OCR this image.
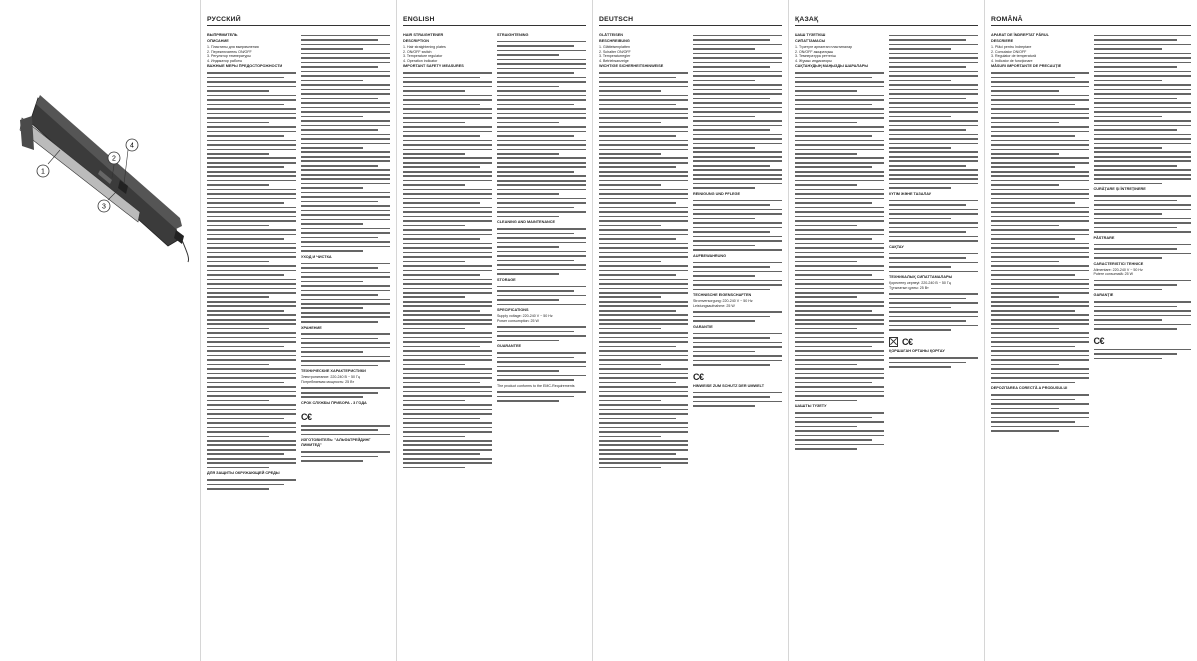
1
2
3
4
РУССКИЙ
ВЫПРЯМИТЕЛЬ
ОПИСАНИЕ
1. Пластины для выпрямления
2. Переключатель ON/OFF
3. Регулятор температуры
4. Индикатор работы
ВАЖНЫЕ МЕРЫ ПРЕДОСТОРОЖНОСТИ
ДЛЯ ЗАЩИТЫ ОКРУЖАЮЩЕЙ СРЕДЫ
УХОД И ЧИСТКА
ХРАНЕНИЕ
ТЕХНИЧЕСКИЕ ХАРАКТЕРИСТИКИ
Электропитание: 220-240 В ~ 50 Гц
Потребляемая мощность: 25 Вт
СРОК СЛУЖБЫ ПРИБОРА - 3 ГОДА
C€
ИЗГОТОВИТЕЛЬ: "АЛЬФАТРЕЙДИНГ ЛИМИТЕД"
ENGLISH
HAIR STRAIGHTENER
DESCRIPTION
1. Hair straightening plates
2. ON/OFF switch
3. Temperature regulator
4. Operation indicator
IMPORTANT SAFETY MEASURES
STRAIGHTENING
CLEANING AND MAINTENANCE
STORAGE
SPECIFICATIONS
Supply voltage: 220-240 V ~ 50 Hz
Power consumption: 25 W
GUARANTEE
The product conforms to the EMC-Requirements
DEUTSCH
GLÄTTEISEN
BESCHREIBUNG
1. Glätteisenplatten
2. Schalter ON/OFF
3. Temperaturregler
4. Betriebsanzeige
WICHTIGE SICHERHEITSHINWEISE
REINIGUNG UND PFLEGE
AUFBEWAHRUNG
TECHNISCHE EIGENSCHAFTEN
Stromversorgung: 220-240 V ~ 50 Hz
Leistungsaufnahme: 25 W
GARANTIE
C€
HINWEISE ZUM SCHUTZ DER UMWELT
ҚАЗАҚ
ШАШ ТҮЗЕТКІШ
СИПАТТАМАСЫ
1. Түзетуге арналған пластиналар
2. ON/OFF ажыратқыш
3. Температура реттегіш
4. Жұмыс индикаторы
САҚТАНУДЫҢ МАҢЫЗДЫ ШАРАЛАРЫ
ШАШТЫ ТҮЗЕТУ
КҮТІМ ЖӘНЕ ТАЗАЛАУ
САҚТАУ
ТЕХНИКАЛЫҚ СИПАТТАМАЛАРЫ
Қоректену кернеуі: 220-240 В ~ 50 Гц
Тұтынатын қуаты: 25 Вт
C€
ҚОРШАҒАН ОРТАНЫ ҚОРҒАУ
ROMÂNĂ
APARAT DE ÎNDREPTAT PĂRUL
DESCRIERE
1. Plăci pentru îndreptare
2. Comutator ON/OFF
3. Regulator de temperatură
4. Indicator de funcţionare
MĂSURI IMPORTANTE DE PRECAUŢIE
DEPOZITAREA CORECTĂ A PRODUSULUI
CURĂŢARE ŞI ÎNTREŢINERE
PĂSTRARE
CARACTERISTICI TEHNICE
Alimentare: 220-240 V ~ 50 Hz
Putere consumată: 25 W
GARANŢIE
C€
